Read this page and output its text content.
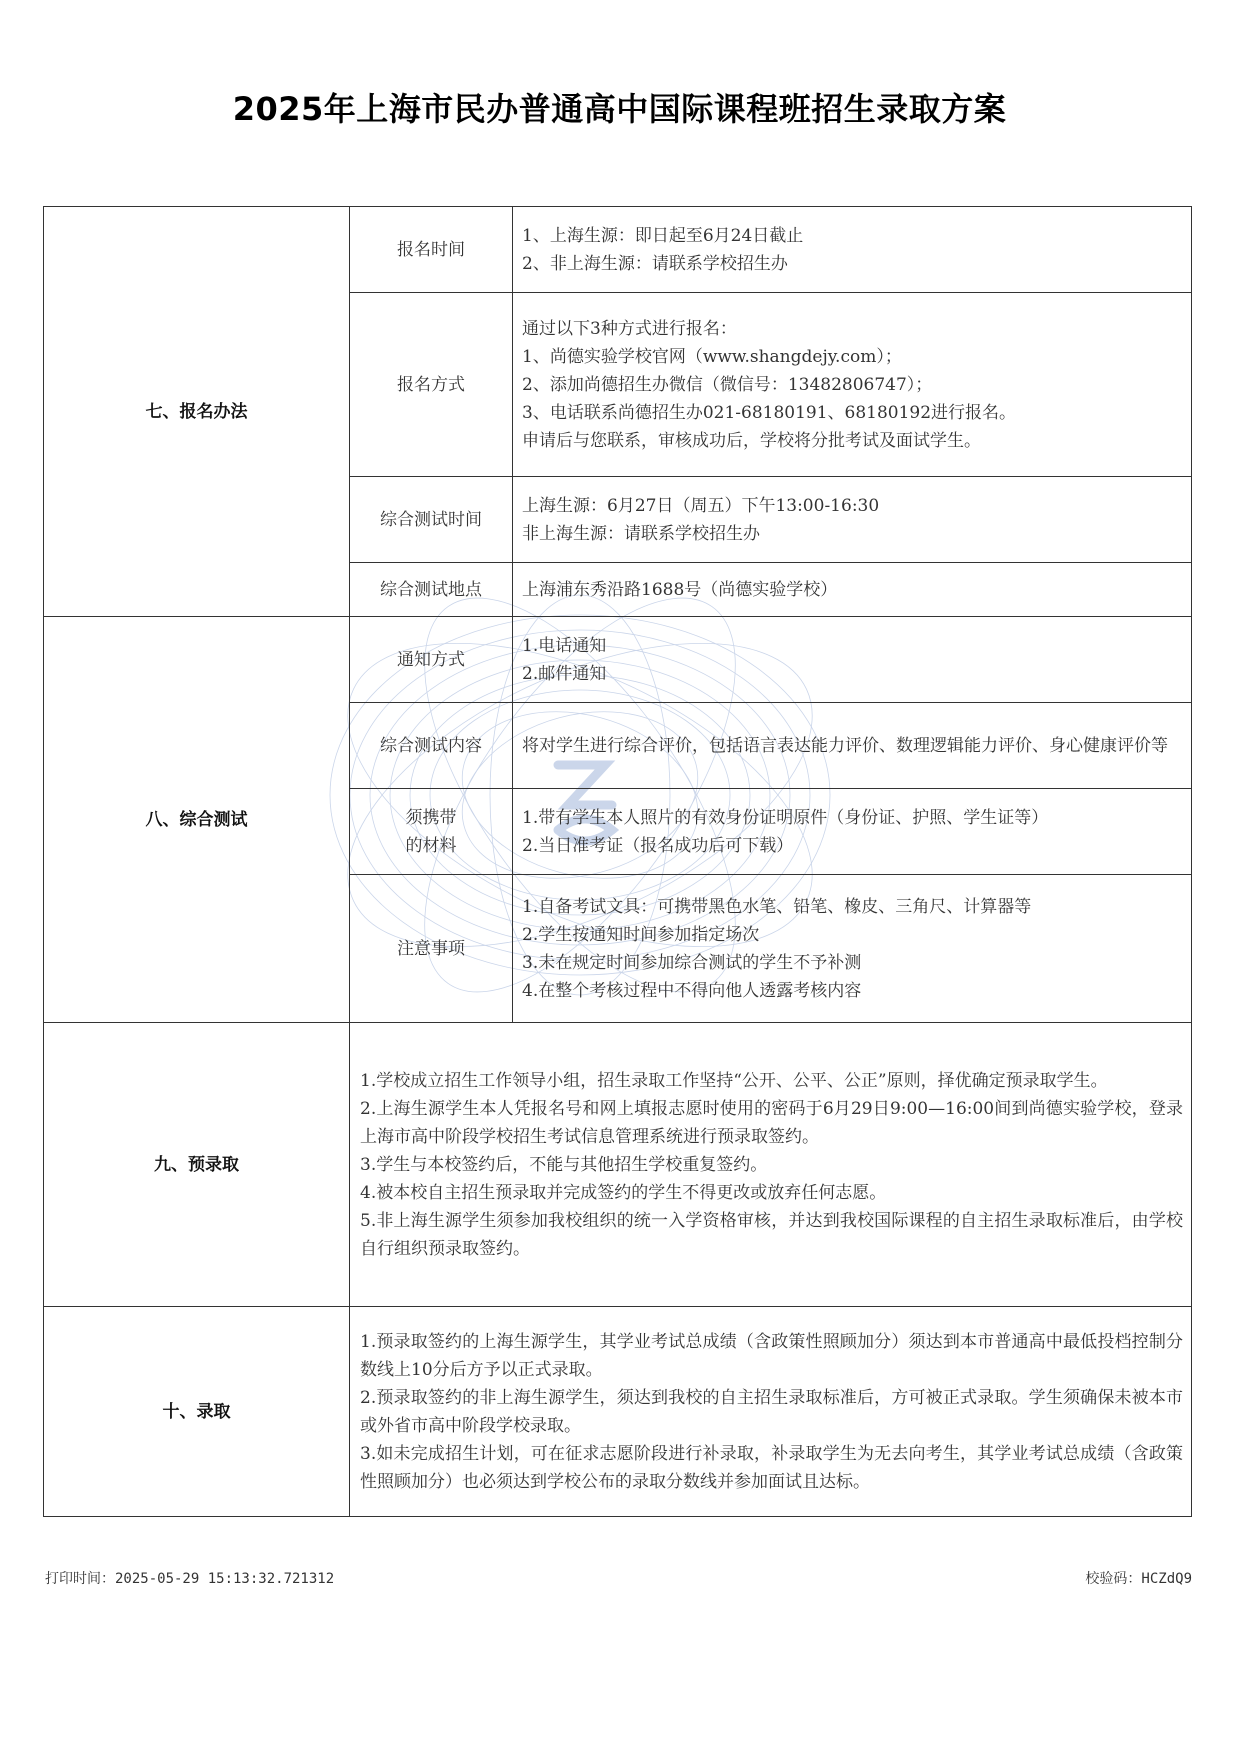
2025年上海市民办普通高中国际课程班招生录取方案
七、报名办法	报名时间	1、上海生源：即日起至6月24日截止
2、非上海生源：请联系学校招生办

	报名方式	通过以下3种方式进行报名：
1、尚德实验学校官网（www.shangdejy.com）；
2、添加尚德招生办微信（微信号：13482806747）；
3、电话联系尚德招生办021-68180191、68180192进行报名。
申请后与您联系，审核成功后，学校将分批考试及面试学生。

	综合测试时间	上海生源：6月27日（周五）下午13:00-16:30
非上海生源：请联系学校招生办

	综合测试地点	上海浦东秀沿路1688号（尚德实验学校）

八、综合测试	通知方式	1.电话通知
2.邮件通知

	综合测试内容	将对学生进行综合评价，包括语言表达能力评价、数理逻辑能力评价、身心健康评价等

	须携带
的材料	1.带有学生本人照片的有效身份证明原件（身份证、护照、学生证等）
2.当日准考证（报名成功后可下载）

	注意事项	1.自备考试文具：可携带黑色水笔、铅笔、橡皮、三角尺、计算器等
2.学生按通知时间参加指定场次
3.未在规定时间参加综合测试的学生不予补测
4.在整个考核过程中不得向他人透露考核内容

九、预录取	1.学校成立招生工作领导小组，招生录取工作坚持“公开、公平、公正”原则，择优确定预录取学生。
2.上海生源学生本人凭报名号和网上填报志愿时使用的密码于6月29日9:00—16:00间到尚德实验学校，登录上海市高中阶段学校招生考试信息管理系统进行预录取签约。
3.学生与本校签约后，不能与其他招生学校重复签约。
4.被本校自主招生预录取并完成签约的学生不得更改或放弃任何志愿。
5.非上海生源学生须参加我校组织的统一入学资格审核，并达到我校国际课程的自主招生录取标准后，由学校自行组织预录取签约。	

十、录取	1.预录取签约的上海生源学生，其学业考试总成绩（含政策性照顾加分）须达到本市普通高中最低投档控制分数线上10分后方予以正式录取。
2.预录取签约的非上海生源学生，须达到我校的自主招生录取标准后，方可被正式录取。学生须确保未被本市或外省市高中阶段学校录取。
3.如未完成招生计划，可在征求志愿阶段进行补录取，补录取学生为无去向考生，其学业考试总成绩（含政策性照顾加分）也必须达到学校公布的录取分数线并参加面试且达标。	
打印时间：2025-05-29 15:13:32.721312	校验码：HCZdQ9
